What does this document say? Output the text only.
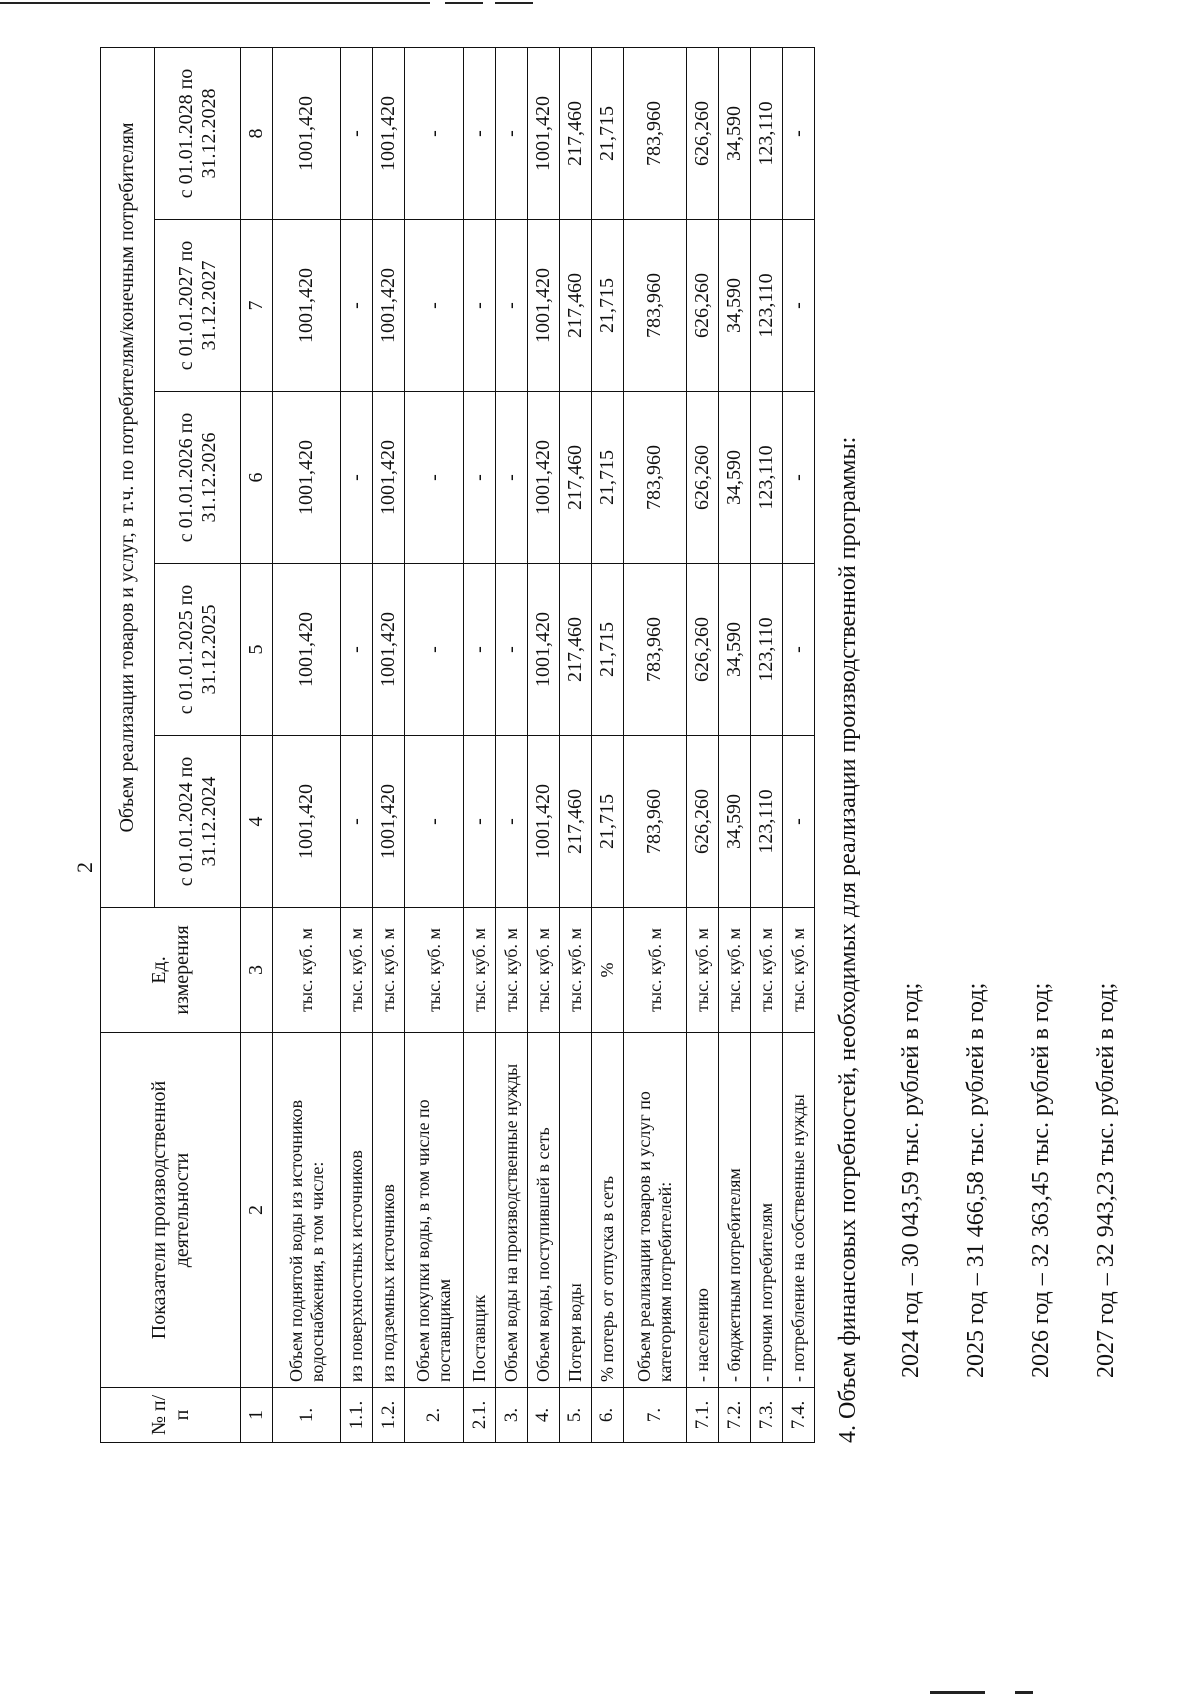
2
№ п/п	Показатели производственной деятельности	Ед. измерения	Объем реализации товаров и услуг, в т.ч. по потребителям/конечным потребителям				
			с 01.01.2024 по 31.12.2024	с 01.01.2025 по 31.12.2025	с 01.01.2026 по 31.12.2026	с 01.01.2027 по 31.12.2027	с 01.01.2028 по 31.12.2028
1	2	3	4	5	6	7	8
1.	Объем поднятой воды из источников водоснабжения, в том числе:	тыс. куб. м	1001,420	1001,420	1001,420	1001,420	1001,420
1.1.	из поверхностных источников	тыс. куб. м	-	-	-	-	-
1.2.	из подземных источников	тыс. куб. м	1001,420	1001,420	1001,420	1001,420	1001,420
2.	Объем покупки воды, в том числе по поставщикам	тыс. куб. м	-	-	-	-	-
2.1.	Поставщик	тыс. куб. м	-	-	-	-	-
3.	Объем воды на производственные нужды	тыс. куб. м	-	-	-	-	-
4.	Объем воды, поступившей в сеть	тыс. куб. м	1001,420	1001,420	1001,420	1001,420	1001,420
5.	Потери воды	тыс. куб. м	217,460	217,460	217,460	217,460	217,460
6.	% потерь от отпуска в сеть	%	21,715	21,715	21,715	21,715	21,715
7.	Объем реализации товаров и услуг по категориям потребителей:	тыс. куб. м	783,960	783,960	783,960	783,960	783,960
7.1.	- населению	тыс. куб. м	626,260	626,260	626,260	626,260	626,260
7.2.	- бюджетным потребителям	тыс. куб. м	34,590	34,590	34,590	34,590	34,590
7.3.	- прочим потребителям	тыс. куб. м	123,110	123,110	123,110	123,110	123,110
7.4.	- потребление на собственные нужды	тыс. куб. м	-	-	-	-	-
4. Объем финансовых потребностей, необходимых для реализации производственной программы: 2024 год – 30 043,59 тыс. рублей в год; 2025 год – 31 466,58 тыс. рублей в год; 2026 год – 32 363,45 тыс. рублей в год; 2027 год – 32 943,23 тыс. рублей в год;
